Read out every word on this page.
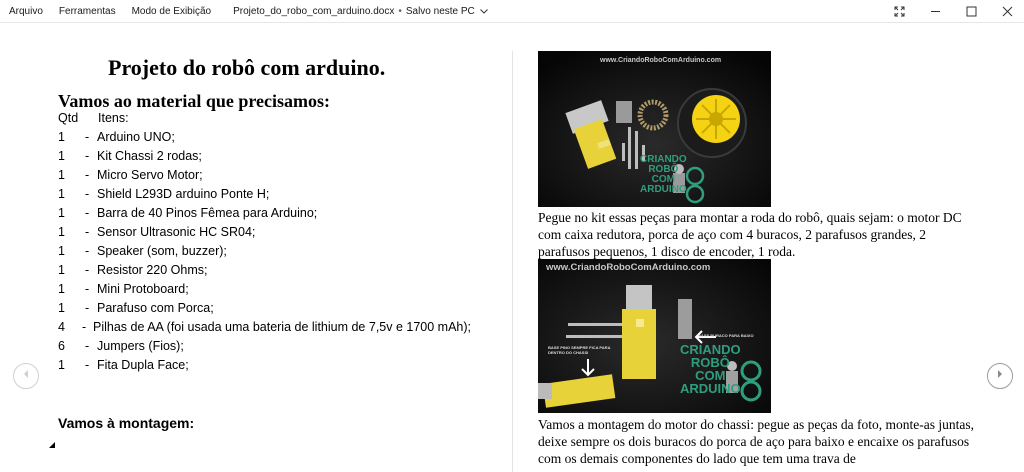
Arquivo	Ferramentas	Modo de Exibição	Projeto_do_robo_com_arduino.docx • Salvo neste PC
Projeto do robô com arduino.
Vamos ao material que precisamos:
Qtd Itens:
1	- Arduino UNO;
1	- Kit Chassi 2 rodas;
1	- Micro Servo Motor;
1	- Shield L293D arduino Ponte H;
1	- Barra de 40 Pinos Fêmea para Arduino;
1	- Sensor Ultrasonic HC SR04;
1	- Speaker (som, buzzer);
1	- Resistor 220 Ohms;
1	- Mini Protoboard;
1	- Parafuso com Porca;
4	- Pilhas de AA (foi usada uma bateria de lithium de 7,5v e 1700 mAh);
6	- Jumpers (Fios);
1	- Fita Dupla Face;
Vamos à montagem:
www.CriandoRoboComArduino.com
CRIANDO
ROBÔ
COM
ARDUINO
Pegue no kit essas peças para montar a roda do robô, quais sejam: o motor DC com caixa redutora, porca de aço com 4 buracos, 2 parafusos grandes, 2 parafusos pequenos, 1 disco de encoder, 1 roda.
www.CriandoRoboComArduino.com
BASE BURACO PARA BAIXO
BASE PINO SEMPRE FICA PARA DENTRO DO CHASSI	CRIANDO
ROBÔ
COM
ARDUINO
Vamos a montagem do motor do chassi: pegue as peças da foto, monte-as juntas, deixe sempre os dois buracos do porca de aço para baixo e encaixe os parafusos com os demais componentes do lado que tem uma trava de
